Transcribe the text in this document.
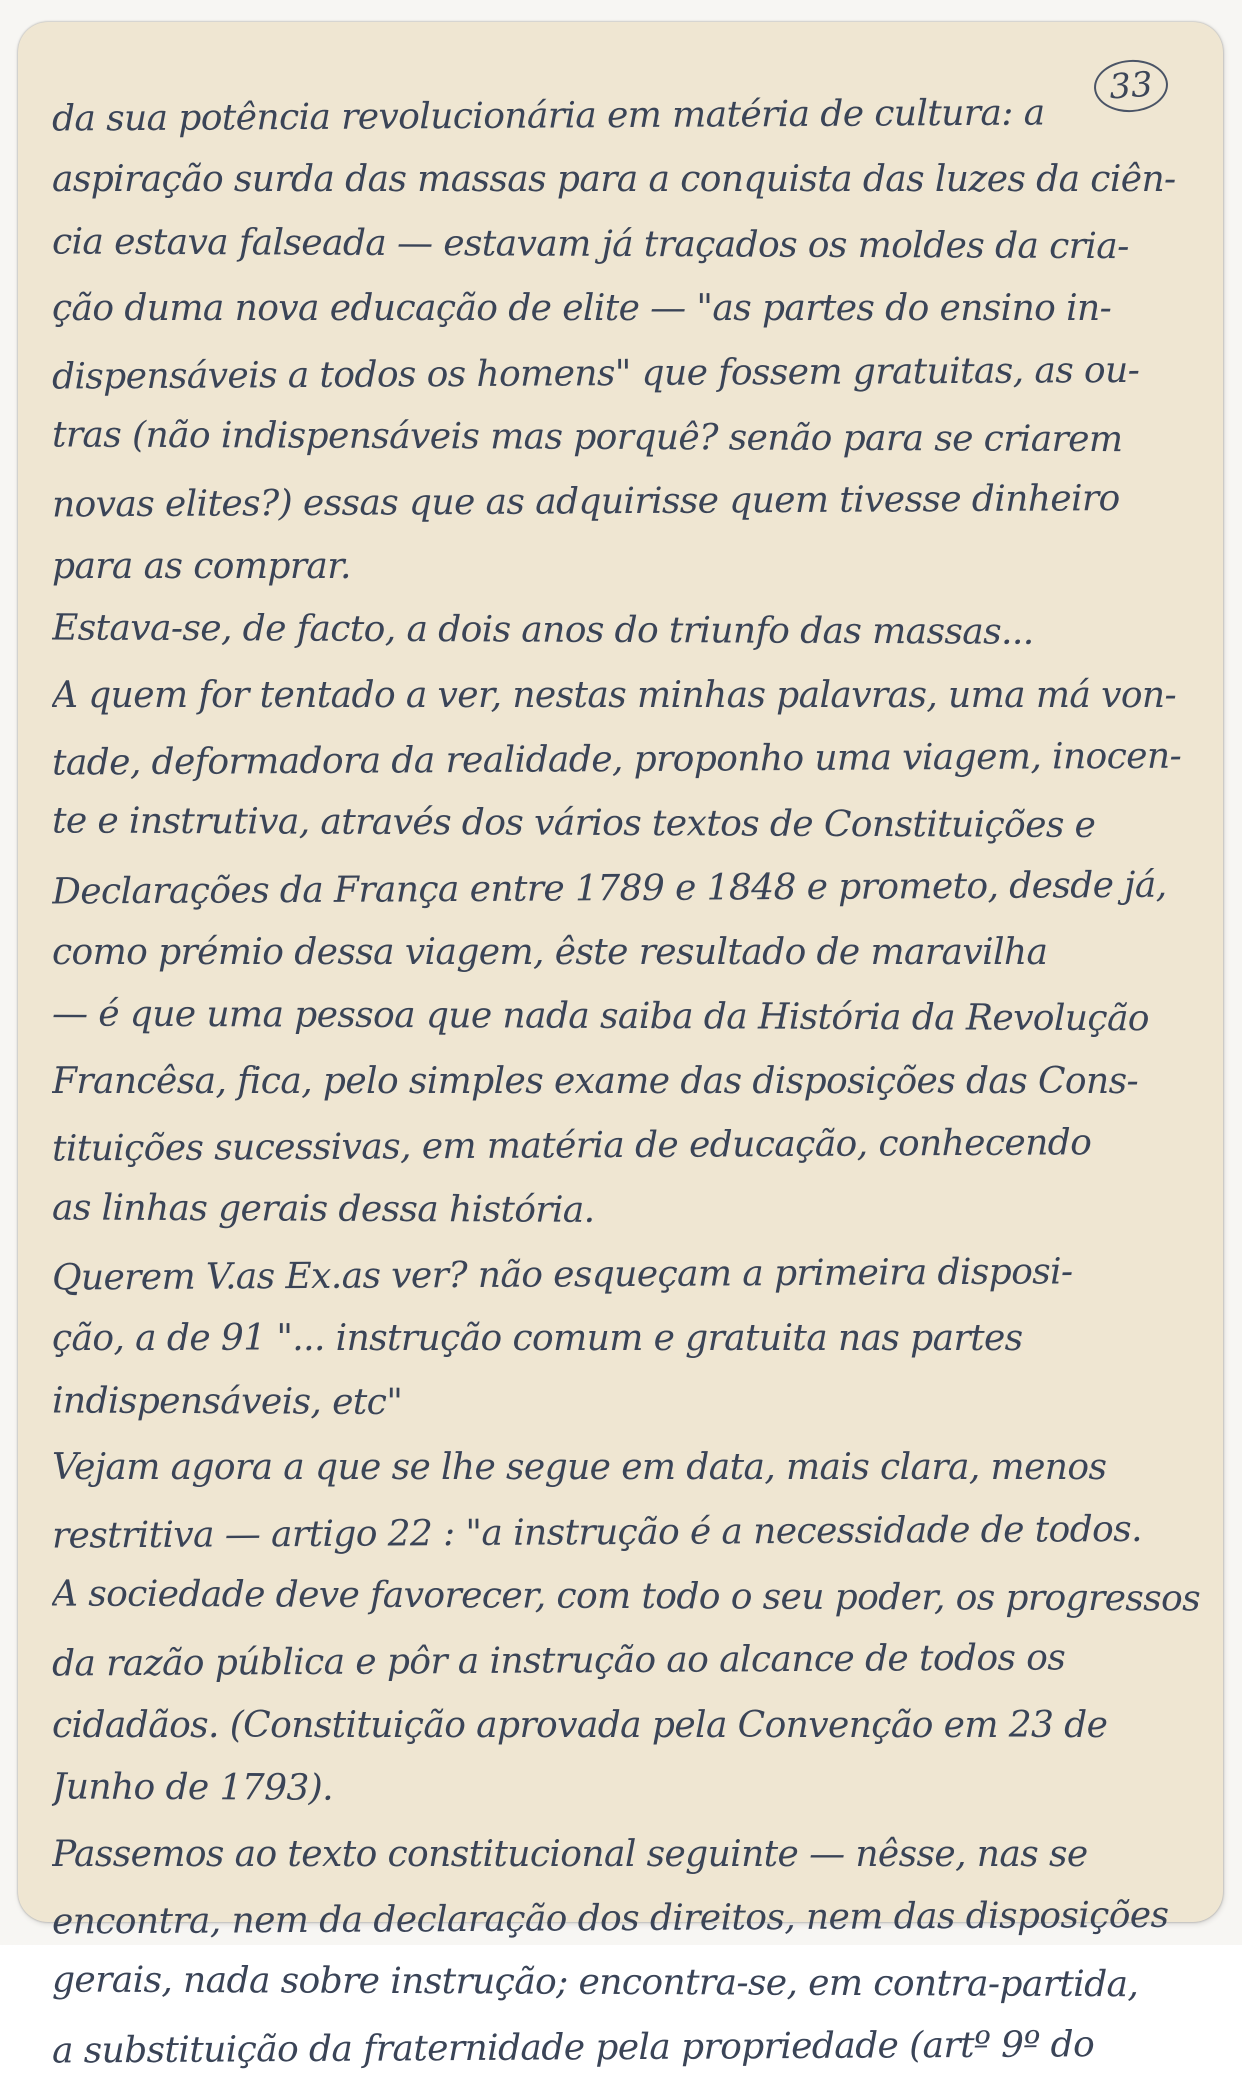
33
da sua potência revolucionária em matéria de cultura: a
aspiração surda das massas para a conquista das luzes da ciên-
cia estava falseada — estavam já traçados os moldes da cria-
ção duma nova educação de elite — "as partes do ensino in-
dispensáveis a todos os homens" que fossem gratuitas, as ou-
tras (não indispensáveis mas porquê? senão para se criarem
novas elites?) essas que as adquirisse quem tivesse dinheiro
para as comprar.
Estava-se, de facto, a dois anos do triunfo das massas...
A quem for tentado a ver, nestas minhas palavras, uma má von-
tade, deformadora da realidade, proponho uma viagem, inocen-
te e instrutiva, através dos vários textos de Constituições e
Declarações da França entre 1789 e 1848 e prometo, desde já,
como prémio dessa viagem, êste resultado de maravilha
— é que uma pessoa que nada saiba da História da Revolução
Francêsa, fica, pelo simples exame das disposições das Cons-
tituições sucessivas, em matéria de educação, conhecendo
as linhas gerais dessa história.
Querem V.as Ex.as ver? não esqueçam a primeira disposi-
ção, a de 91 "... instrução comum e gratuita nas partes
indispensáveis, etc"
Vejam agora a que se lhe segue em data, mais clara, menos
restritiva — artigo 22 : "a instrução é a necessidade de todos.
A sociedade deve favorecer, com todo o seu poder, os progressos
da razão pública e pôr a instrução ao alcance de todos os
cidadãos. (Constituição aprovada pela Convenção em 23 de
Junho de 1793).
Passemos ao texto constitucional seguinte — nêsse, nas se
encontra, nem da declaração dos direitos, nem das disposições
gerais, nada sobre instrução; encontra-se, em contra-partida,
a substituição da fraternidade pela propriedade (artº 9º do
